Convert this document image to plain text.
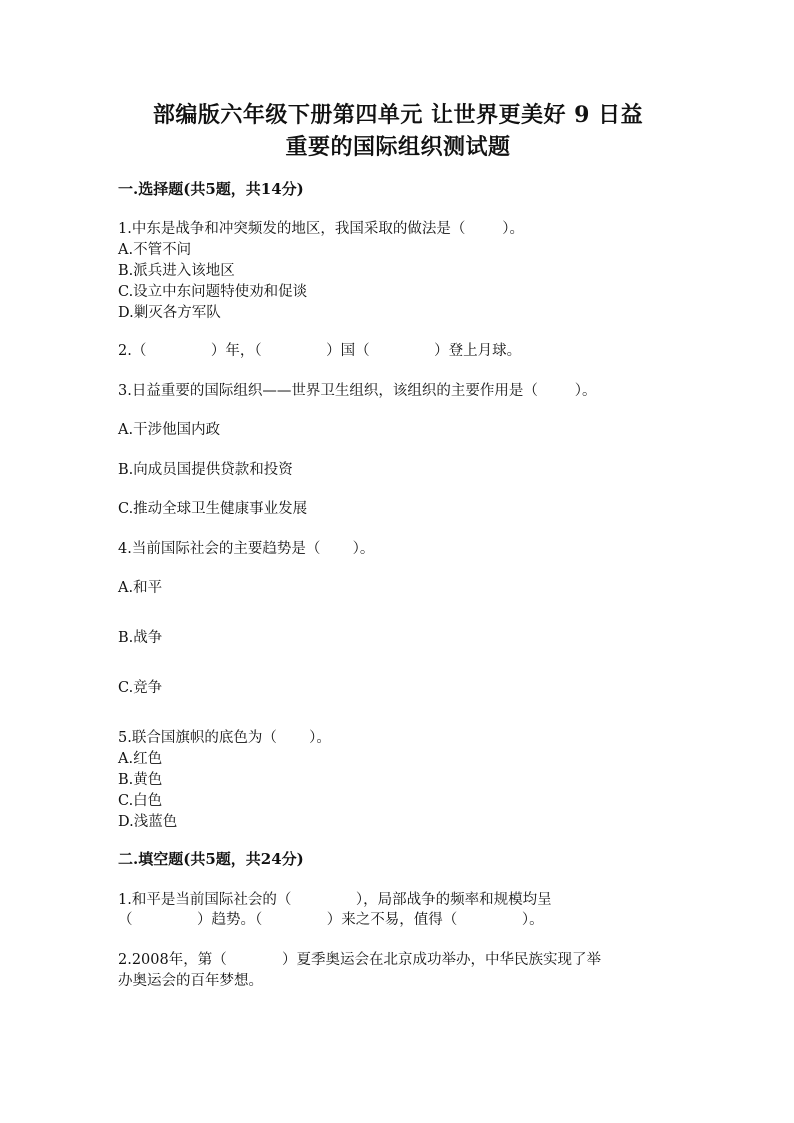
部编版六年级下册第四单元 让世界更美好 9 日益
重要的国际组织测试题
一.选择题(共5题，共14分)
1.中东是战争和冲突频发的地区，我国采取的做法是（        ）。
A.不管不问
B.派兵进入该地区
C.设立中东问题特使劝和促谈
D.剿灭各方军队
2.（              ）年，（              ）国（              ）登上月球。
3.日益重要的国际组织——世界卫生组织，该组织的主要作用是（        ）。
A.干涉他国内政
B.向成员国提供贷款和投资
C.推动全球卫生健康事业发展
4.当前国际社会的主要趋势是（       ）。
A.和平
B.战争
C.竞争
5.联合国旗帜的底色为（       ）。
A.红色
B.黄色
C.白色
D.浅蓝色
二.填空题(共5题，共24分)
1.和平是当前国际社会的（              ），局部战争的频率和规模均呈
（              ）趋势。（              ）来之不易，值得（              ）。
2.2008年，第（            ）夏季奥运会在北京成功举办，中华民族实现了举
办奥运会的百年梦想。
